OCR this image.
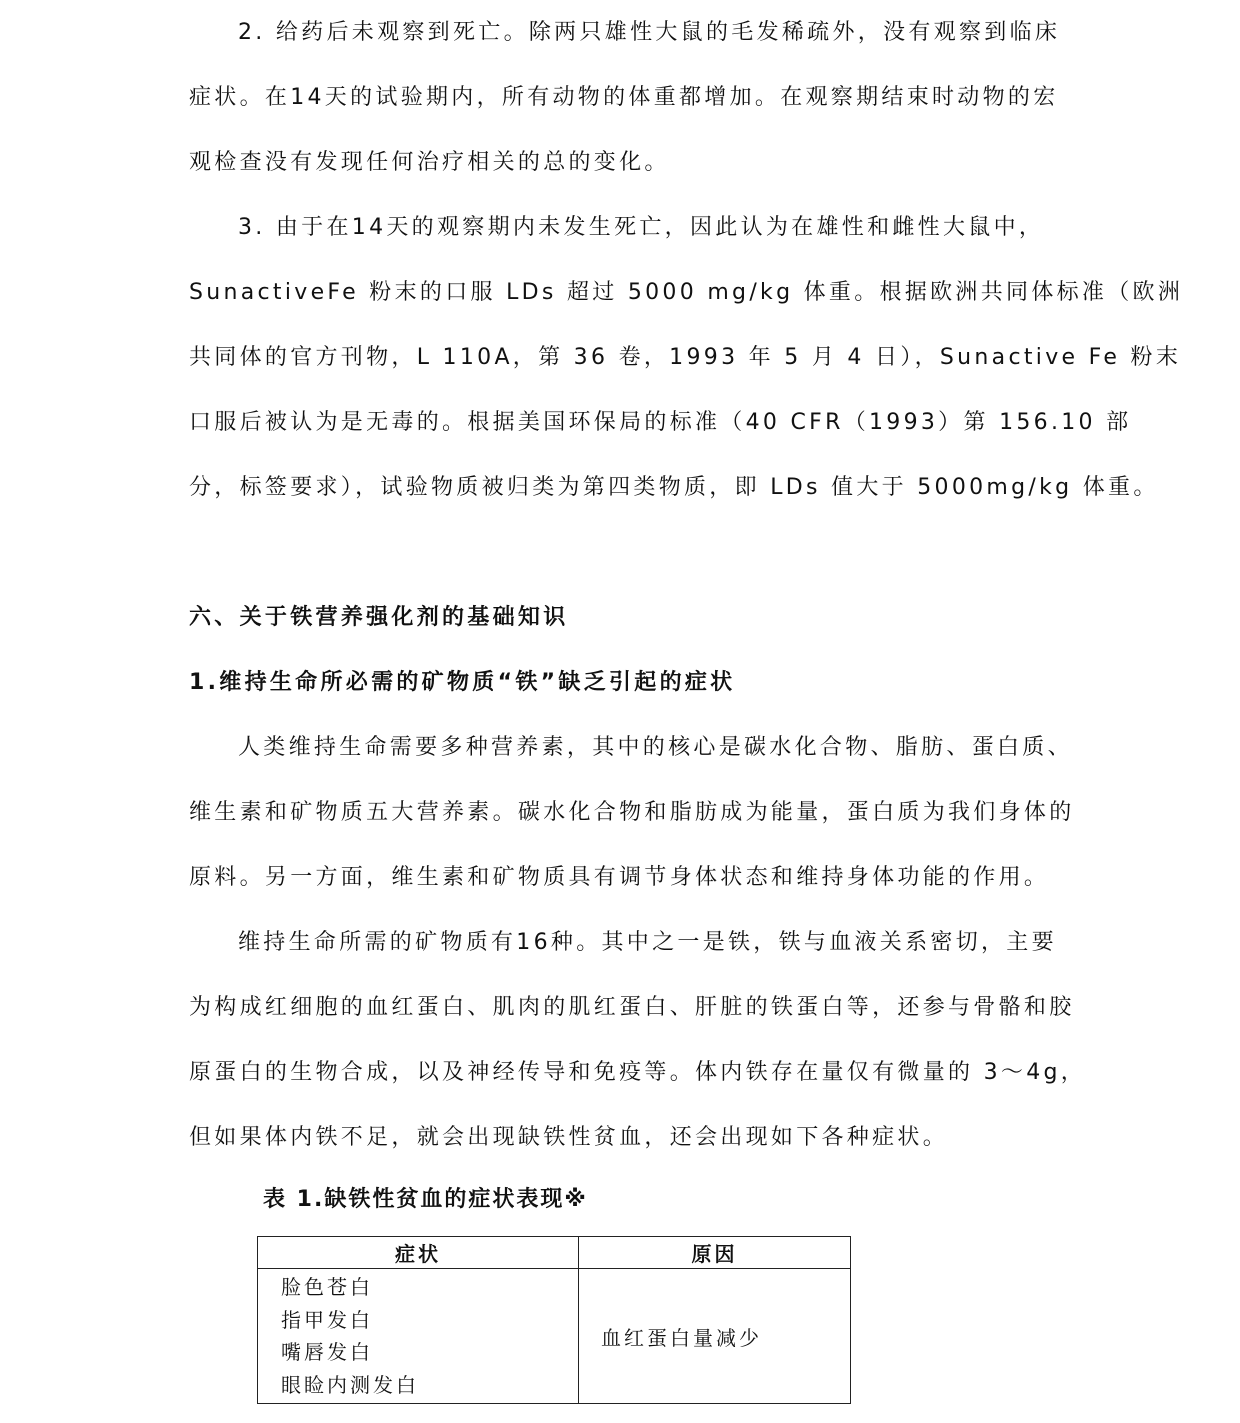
2. 给药后未观察到死亡。除两只雄性大鼠的毛发稀疏外，没有观察到临床
症状。在14天的试验期内，所有动物的体重都增加。在观察期结束时动物的宏
观检查没有发现任何治疗相关的总的变化。
3. 由于在14天的观察期内未发生死亡，因此认为在雄性和雌性大鼠中，
SunactiveFe 粉末的口服 LDs 超过 5000 mg/kg 体重。根据欧洲共同体标准（欧洲
共同体的官方刊物，L 110A，第 36 卷，1993 年 5 月 4 日），Sunactive Fe 粉末
口服后被认为是无毒的。根据美国环保局的标准（40 CFR（1993）第 156.10 部
分，标签要求），试验物质被归类为第四类物质，即 LDs 值大于 5000mg/kg 体重。
六、关于铁营养强化剂的基础知识
1.维持生命所必需的矿物质“铁”缺乏引起的症状
人类维持生命需要多种营养素，其中的核心是碳水化合物、脂肪、蛋白质、
维生素和矿物质五大营养素。碳水化合物和脂肪成为能量，蛋白质为我们身体的
原料。另一方面，维生素和矿物质具有调节身体状态和维持身体功能的作用。
维持生命所需的矿物质有16种。其中之一是铁，铁与血液关系密切，主要
为构成红细胞的血红蛋白、肌肉的肌红蛋白、肝脏的铁蛋白等，还参与骨骼和胶
原蛋白的生物合成，以及神经传导和免疫等。体内铁存在量仅有微量的 3～4g，
但如果体内铁不足，就会出现缺铁性贫血，还会出现如下各种症状。
表 1.缺铁性贫血的症状表现※
症状	原因

脸色苍白
指甲发白
嘴唇发白
眼睑内测发白	血红蛋白量减少
